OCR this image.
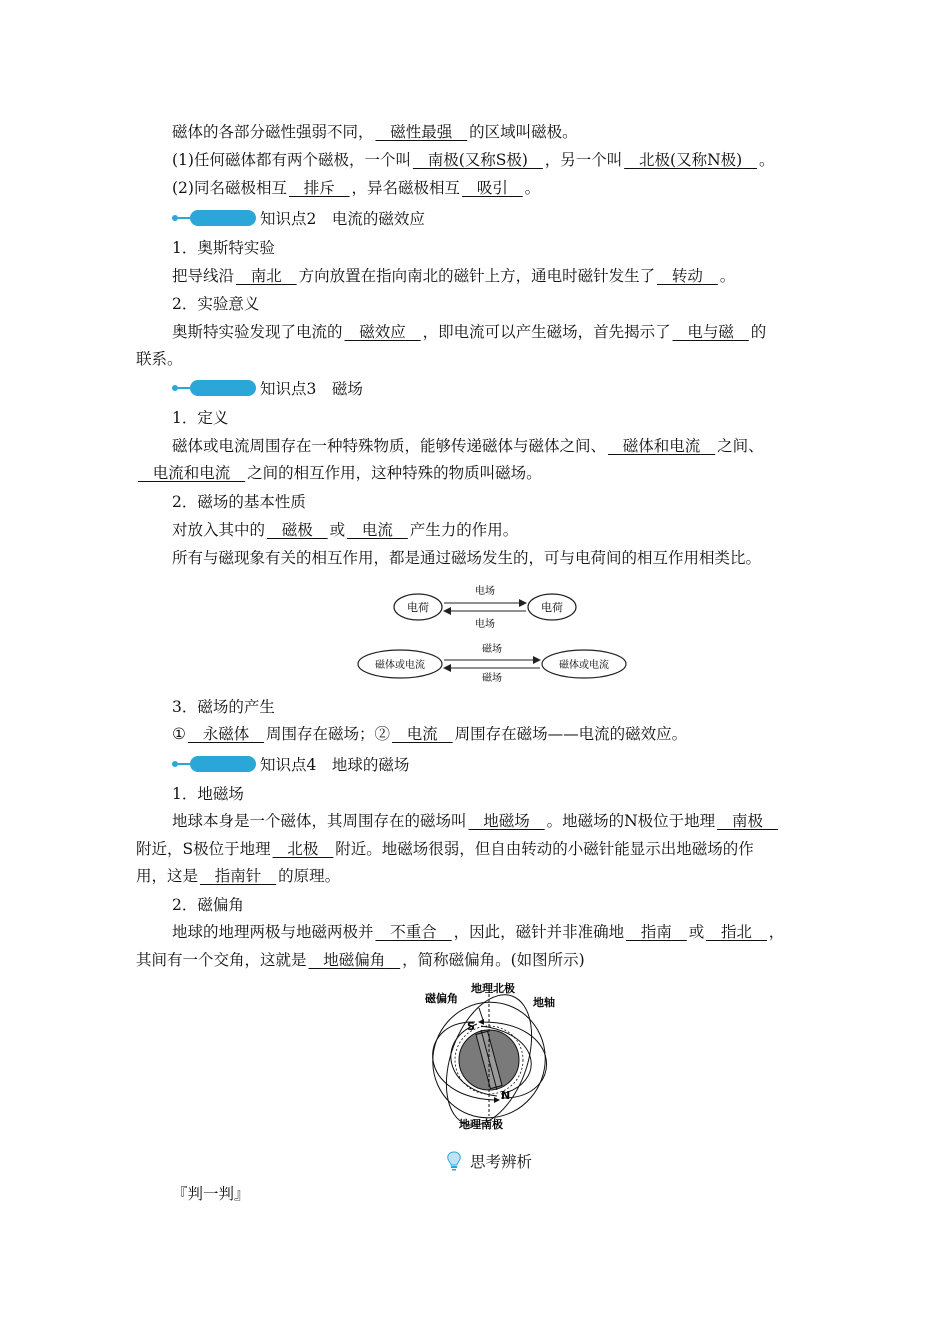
磁体的各部分磁性强弱不同， 磁性最强 的区域叫磁极。
(1)任何磁体都有两个磁极，一个叫 南极(又称S极) ，另一个叫 北极(又称N极) 。
(2)同名磁极相互 排斥 ，异名磁极相互 吸引 。
知识点2　电流的磁效应
1．奥斯特实验
把导线沿 南北 方向放置在指向南北的磁针上方，通电时磁针发生了 转动 。
2．实验意义
奥斯特实验发现了电流的 磁效应 ，即电流可以产生磁场，首先揭示了 电与磁 的
联系。
知识点3　磁场
1．定义
磁体或电流周围存在一种特殊物质，能够传递磁体与磁体之间、 磁体和电流 之间、
电流和电流 之间的相互作用，这种特殊的物质叫磁场。
2．磁场的基本性质
对放入其中的 磁极 或 电流 产生力的作用。
所有与磁现象有关的相互作用，都是通过磁场发生的，可与电荷间的相互作用相类比。
电荷	电荷
电场
电场
磁体或电流	磁体或电流
磁场
磁场
3．磁场的产生
① 永磁体 周围存在磁场；② 电流 周围存在磁场——电流的磁效应。
知识点4　地球的磁场
1．地磁场
地球本身是一个磁体，其周围存在的磁场叫 地磁场 。地磁场的N极位于地理 南极
附近，S极位于地理 北极 附近。地磁场很弱，但自由转动的小磁针能显示出地磁场的作
用，这是 指南针 的原理。
2．磁偏角
地球的地理两极与地磁两极并 不重合 ，因此，磁针并非准确地 指南 或 指北 ，
其间有一个交角，这就是 地磁偏角 ，简称磁偏角。(如图所示)
磁偏角
地理北极
地轴
S
N
地理南极
思考辨析
『判一判』
